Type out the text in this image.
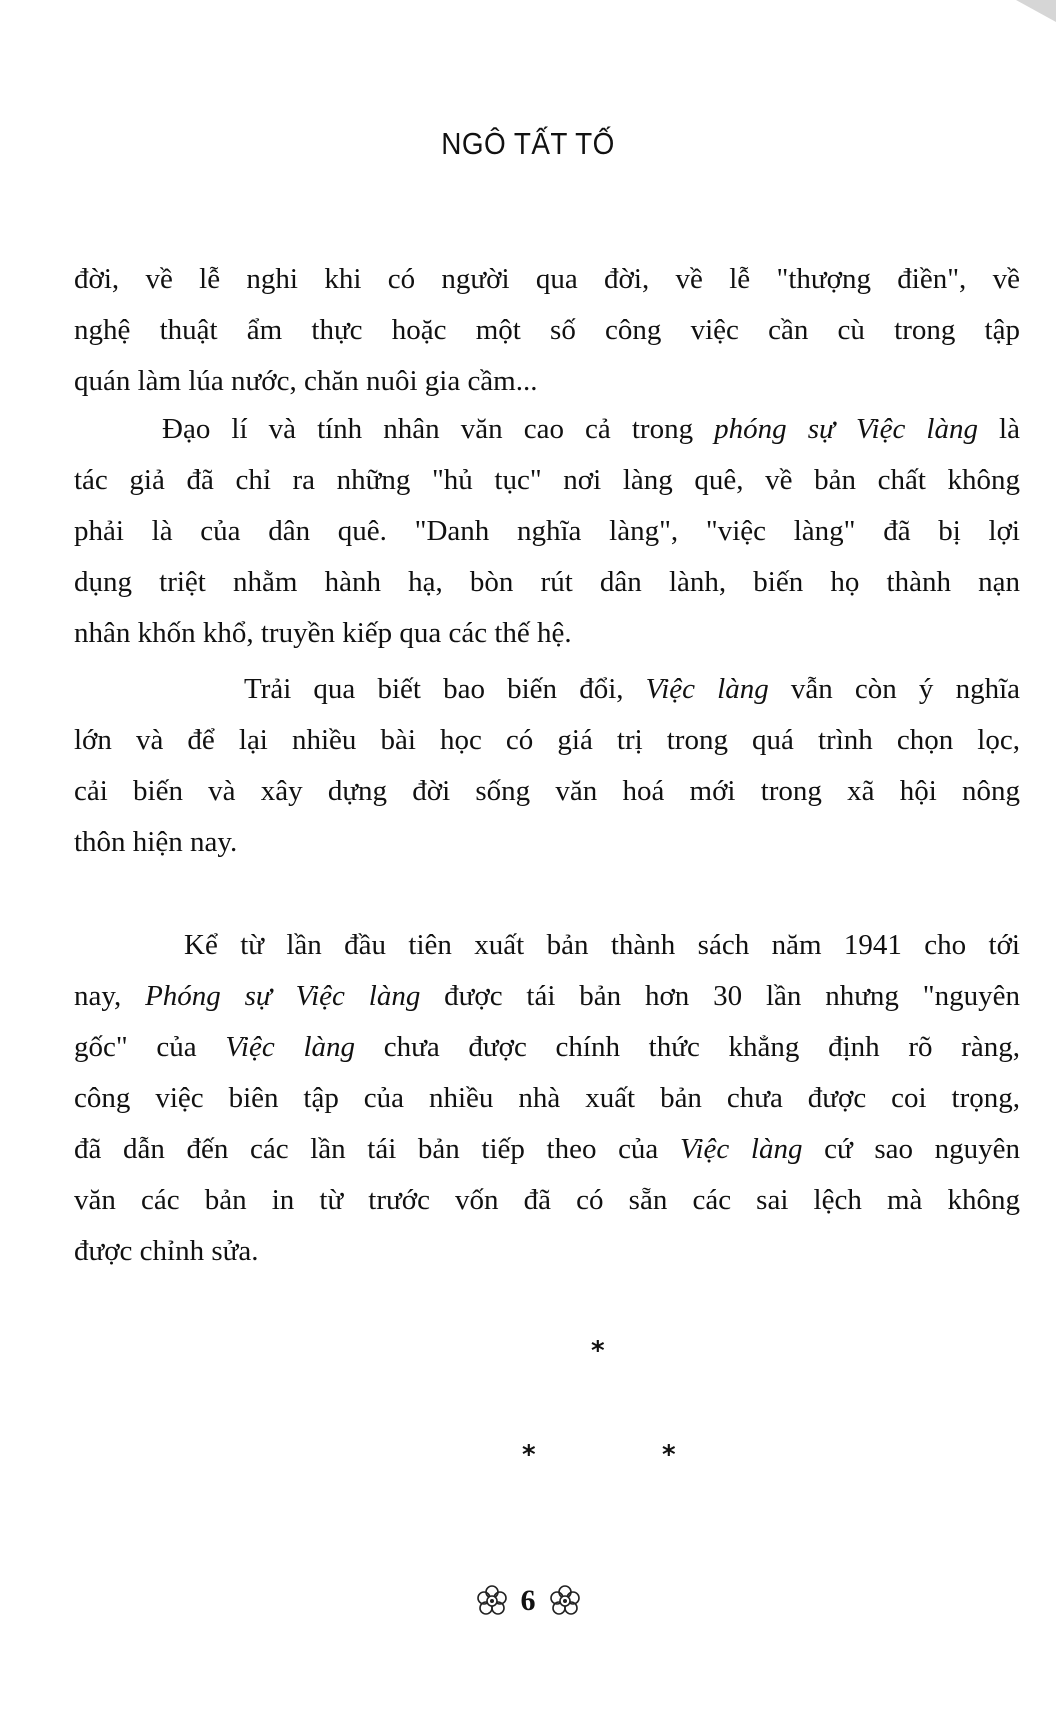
NGÔ TẤT TỐ
đời, về lễ nghi khi có người qua đời, về lễ "thượng điền", về
nghệ thuật ẩm thực hoặc một số công việc cần cù trong tập
quán làm lúa nước, chăn nuôi gia cầm...
Đạo lí và tính nhân văn cao cả trong phóng sự Việc làng là
tác giả đã chỉ ra những "hủ tục" nơi làng quê, về bản chất không
phải là của dân quê. "Danh nghĩa làng", "việc làng" đã bị lợi
dụng triệt nhằm hành hạ, bòn rút dân lành, biến họ thành nạn
nhân khốn khổ, truyền kiếp qua các thế hệ.
Trải qua biết bao biến đổi, Việc làng vẫn còn ý nghĩa
lớn và để lại nhiều bài học có giá trị trong quá trình chọn lọc,
cải biến và xây dựng đời sống văn hoá mới trong xã hội nông
thôn hiện nay.
Kể từ lần đầu tiên xuất bản thành sách năm 1941 cho tới
nay, Phóng sự Việc làng được tái bản hơn 30 lần nhưng "nguyên
gốc" của Việc làng chưa được chính thức khẳng định rõ ràng,
công việc biên tập của nhiều nhà xuất bản chưa được coi trọng,
đã dẫn đến các lần tái bản tiếp theo của Việc làng cứ sao nguyên
văn các bản in từ trước vốn đã có sẵn các sai lệch mà không
được chỉnh sửa.
*
*	*
6
